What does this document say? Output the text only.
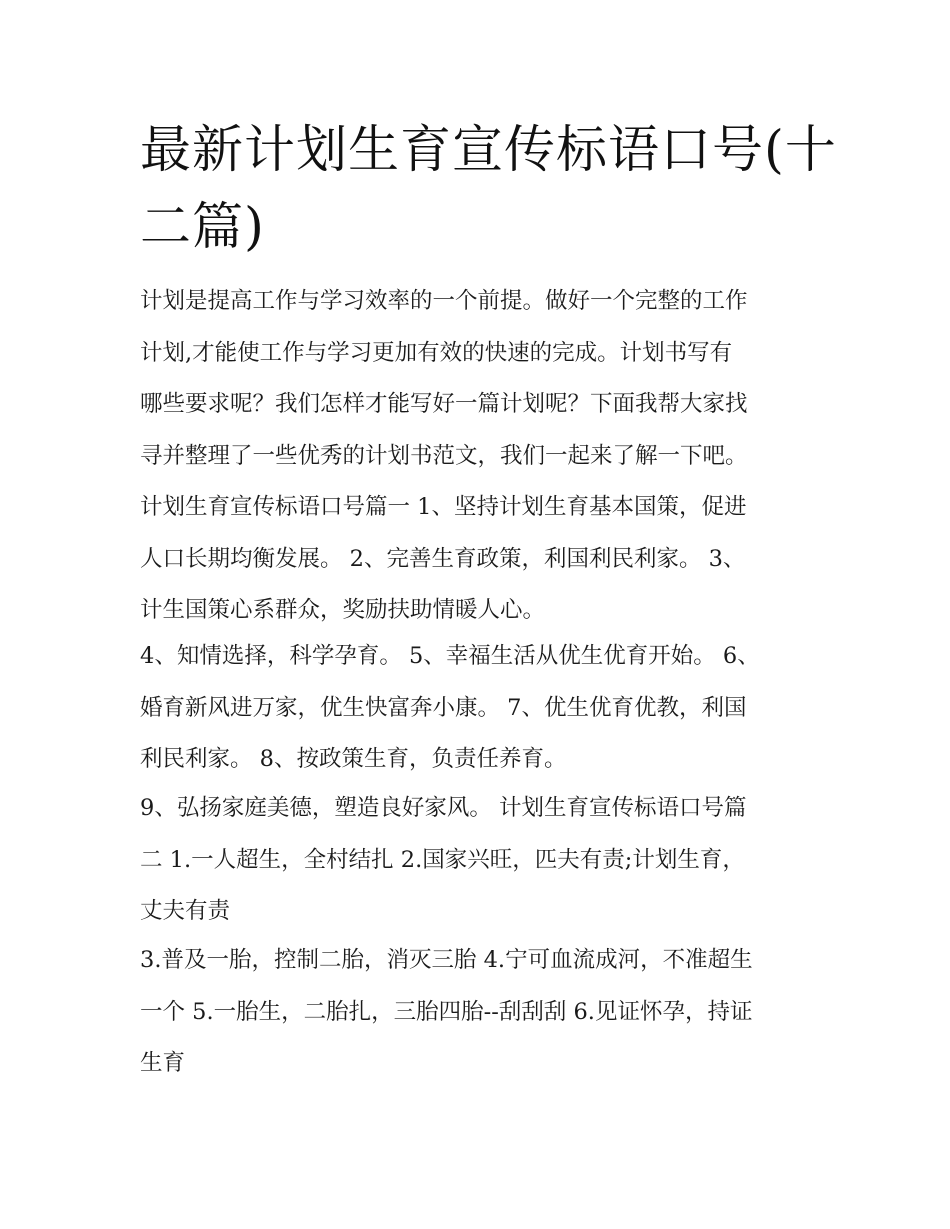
最新计划生育宣传标语口号(十
二篇)

计划是提高工作与学习效率的一个前提。做好一个完整的工作
计划,才能使工作与学习更加有效的快速的完成。计划书写有
哪些要求呢？我们怎样才能写好一篇计划呢？下面我帮大家找
寻并整理了一些优秀的计划书范文，我们一起来了解一下吧。
计划生育宣传标语口号篇一 1、坚持计划生育基本国策，促进
人口长期均衡发展。 2、完善生育政策，利国利民利家。 3、
计生国策心系群众，奖励扶助情暖人心。

4、知情选择，科学孕育。 5、幸福生活从优生优育开始。 6、
婚育新风进万家，优生快富奔小康。 7、优生优育优教，利国
利民利家。 8、按政策生育，负责任养育。

9、弘扬家庭美德，塑造良好家风。 计划生育宣传标语口号篇
二 1.一人超生，全村结扎 2.国家兴旺，匹夫有责;计划生育，
丈夫有责

3.普及一胎，控制二胎，消灭三胎 4.宁可血流成河，不准超生
一个 5.一胎生，二胎扎，三胎四胎--刮刮刮 6.见证怀孕，持证
生育
